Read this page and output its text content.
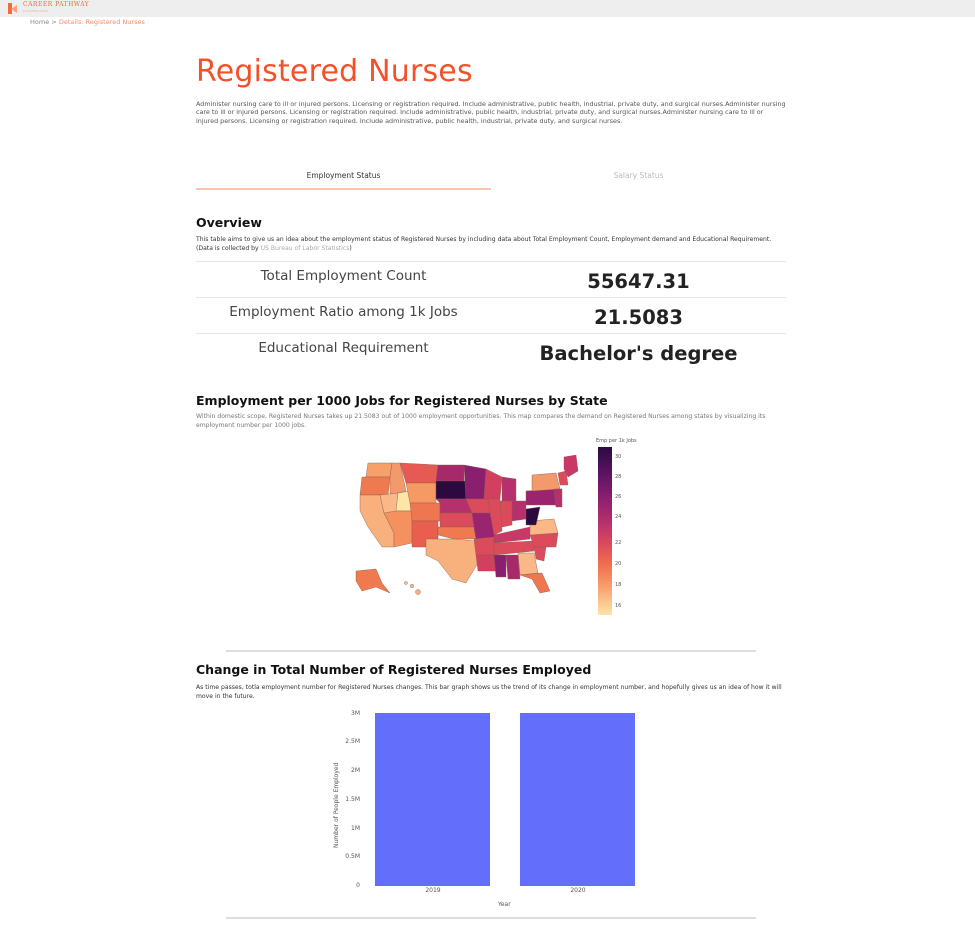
CAREER PATHWAY
DASHBOARD
Home > Details: Registered Nurses
Registered Nurses

Administer nursing care to ill or injured persons. Licensing or registration required. Include administrative, public health, industrial, private duty, and surgical nurses.Administer nursing care to ill or injured persons. Licensing or registration required. Include administrative, public health, industrial, private duty, and surgical nurses.Administer nursing care to ill or injured persons. Licensing or registration required. Include administrative, public health, industrial, private duty, and surgical nurses.

Employment Status	Salary Status
Overview

This table aims to give us an idea about the employment status of Registered Nurses by including data about Total Employment Count, Employment demand and Educational Requirement. (Data is collected by US Bureau of Labor Statistics)

Total Employment Count	55647.31
Employment Ratio among 1k Jobs	21.5083
Educational Requirement	Bachelor's degree
Employment per 1000 Jobs for Registered Nurses by State

Within domestic scope, Registered Nurses takes up 21.5083 out of 1000 employment opportunities. This map compares the demand on Registered Nurses among states by visualizing its employment number per 1000 jobs.

Emp per 1k Jobs
30
28
26
24
22
20
18
16
Change in Total Number of Registered Nurses Employed

As time passes, totla employment number for Registered Nurses changes. This bar graph shows us the trend of its change in employment number, and hopefully gives us an idea of how it will move in the future.

Number of People Employed
3M
2.5M
2M
1.5M
1M
0.5M
0
2019	2020
Year
